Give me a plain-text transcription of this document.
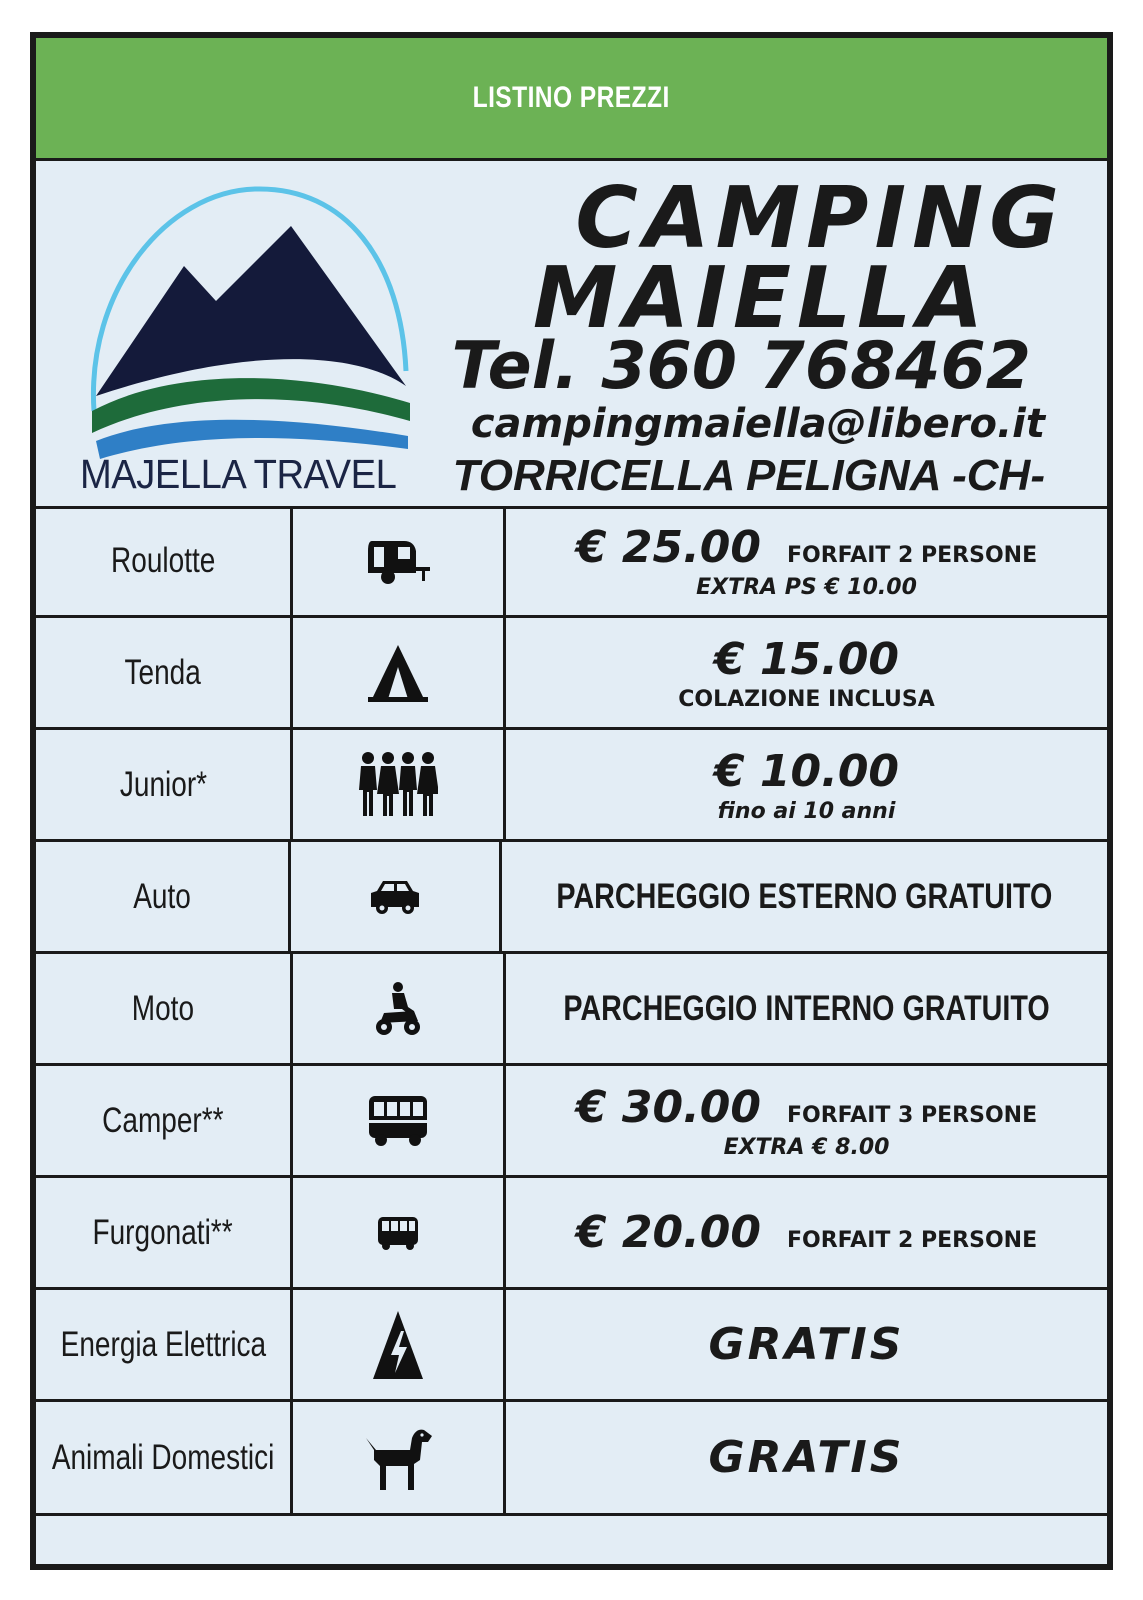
LISTINO PREZZI
MAJELLA TRAVEL
CAMPING
MAIELLA
Tel. 360 768462
campingmaiella@libero.it
TORRICELLA PELIGNA -CH-
Roulotte	€ 25.00 FORFAIT 2 PERSONE
EXTRA PS € 10.00
Tenda	€ 15.00
COLAZIONE INCLUSA
Junior*	€ 10.00
fino ai 10 anni
Auto	PARCHEGGIO ESTERNO GRATUITO
Moto	PARCHEGGIO INTERNO GRATUITO
Camper**	€ 30.00 FORFAIT 3 PERSONE
EXTRA € 8.00
Furgonati**	€ 20.00 FORFAIT 2 PERSONE
Energia Elettrica	GRATIS
Animali Domestici	GRATIS
